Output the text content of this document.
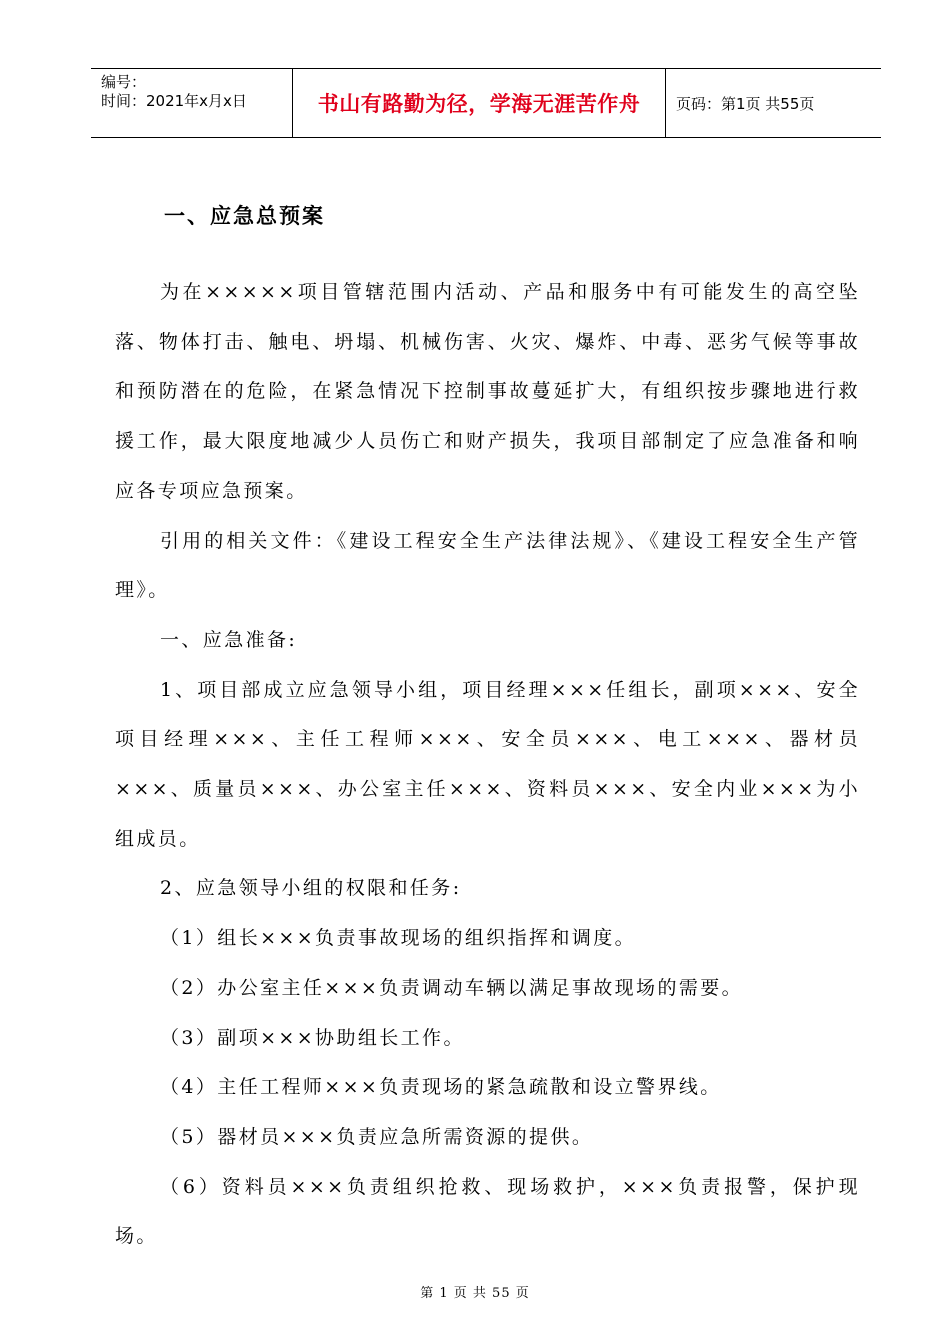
编号：
时间：2021年x月x日	书山有路勤为径，学海无涯苦作舟 页码：第1页 共55页
一、应急总预案

为在×××××项目管辖范围内活动、产品和服务中有可能发生的高空坠落、物体打击、触电、坍塌、机械伤害、火灾、爆炸、中毒、恶劣气候等事故和预防潜在的危险，在紧急情况下控制事故蔓延扩大，有组织按步骤地进行救援工作，最大限度地减少人员伤亡和财产损失，我项目部制定了应急准备和响应各专项应急预案。

引用的相关文件：《建设工程安全生产法律法规》、《建设工程安全生产管理》。

一、应急准备:

1、项目部成立应急领导小组，项目经理×××任组长，副项×××、安全项目经理×××、主任工程师×××、安全员×××、电工×××、器材员×××、质量员×××、办公室主任×××、资料员×××、安全内业×××为小组成员。

2、应急领导小组的权限和任务:

（1）组长×××负责事故现场的组织指挥和调度。

（2）办公室主任×××负责调动车辆以满足事故现场的需要。

（3）副项×××协助组长工作。

（4）主任工程师×××负责现场的紧急疏散和设立警界线。

（5）器材员×××负责应急所需资源的提供。

（6）资料员×××负责组织抢救、现场救护，×××负责报警，保护现场。

第 1 页 共 55 页
